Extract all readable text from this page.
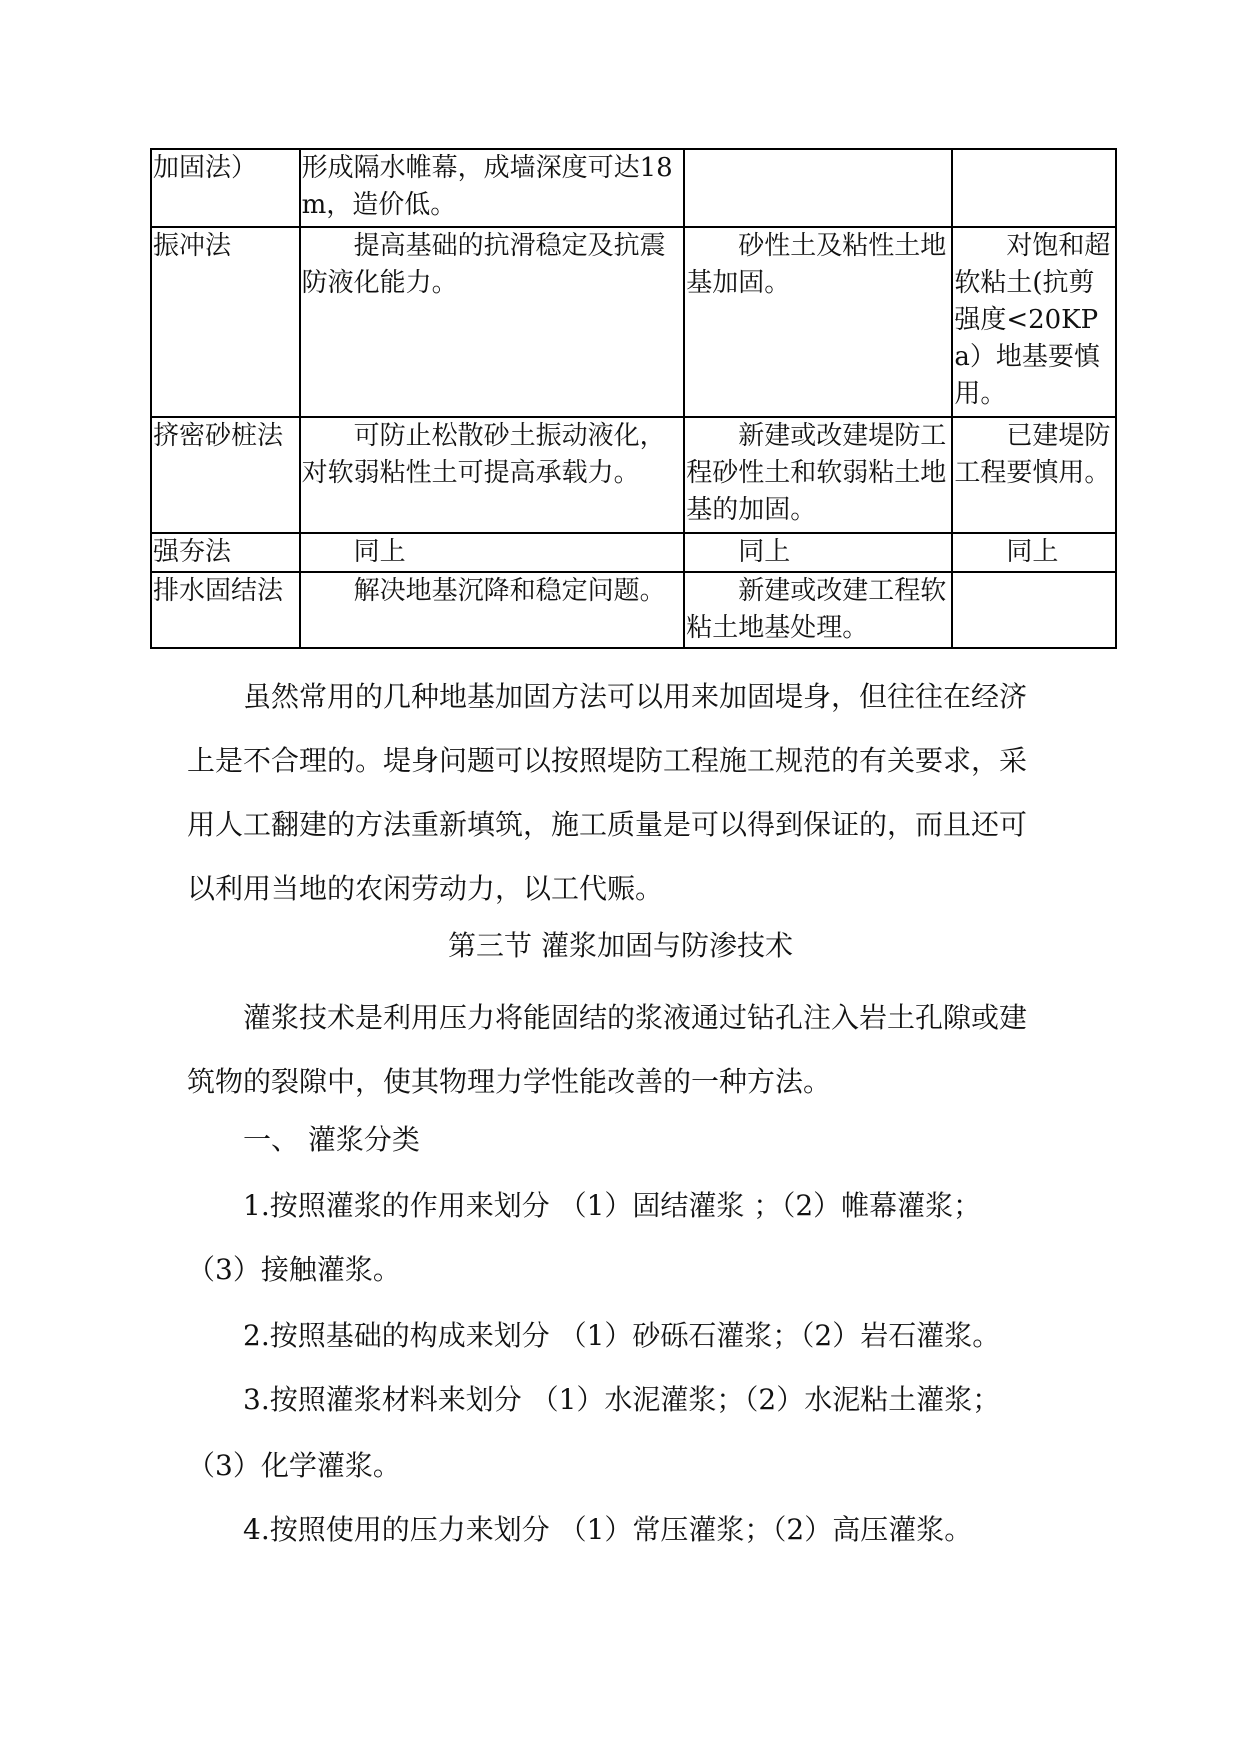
加固法）	形成隔水帷幕，成墙深度可达18m，造价低。		
振冲法	提高基础的抗滑稳定及抗震防液化能力。	砂性土及粘性土地基加固。	对饱和超软粘土(抗剪强度<20KPa）地基要慎用。
挤密砂桩法	可防止松散砂土振动液化，对软弱粘性土可提高承载力。	新建或改建堤防工程砂性土和软弱粘土地基的加固。	已建堤防工程要慎用。
强夯法	同上	同上	同上
排水固结法	解决地基沉降和稳定问题。	新建或改建工程软粘土地基处理。	

虽然常用的几种地基加固方法可以用来加固堤身，但往往在经济上是不合理的。堤身问题可以按照堤防工程施工规范的有关要求，采用人工翻建的方法重新填筑，施工质量是可以得到保证的，而且还可以利用当地的农闲劳动力，以工代赈。

第三节 灌浆加固与防渗技术

灌浆技术是利用压力将能固结的浆液通过钻孔注入岩土孔隙或建筑物的裂隙中，使其物理力学性能改善的一种方法。

一、 灌浆分类

1.按照灌浆的作用来划分 （1）固结灌浆 ；（2）帷幕灌浆；

（3）接触灌浆。

2.按照基础的构成来划分 （1）砂砾石灌浆；（2）岩石灌浆。

3.按照灌浆材料来划分 （1）水泥灌浆；（2）水泥粘土灌浆；

（3）化学灌浆。

4.按照使用的压力来划分 （1）常压灌浆；（2）高压灌浆。
